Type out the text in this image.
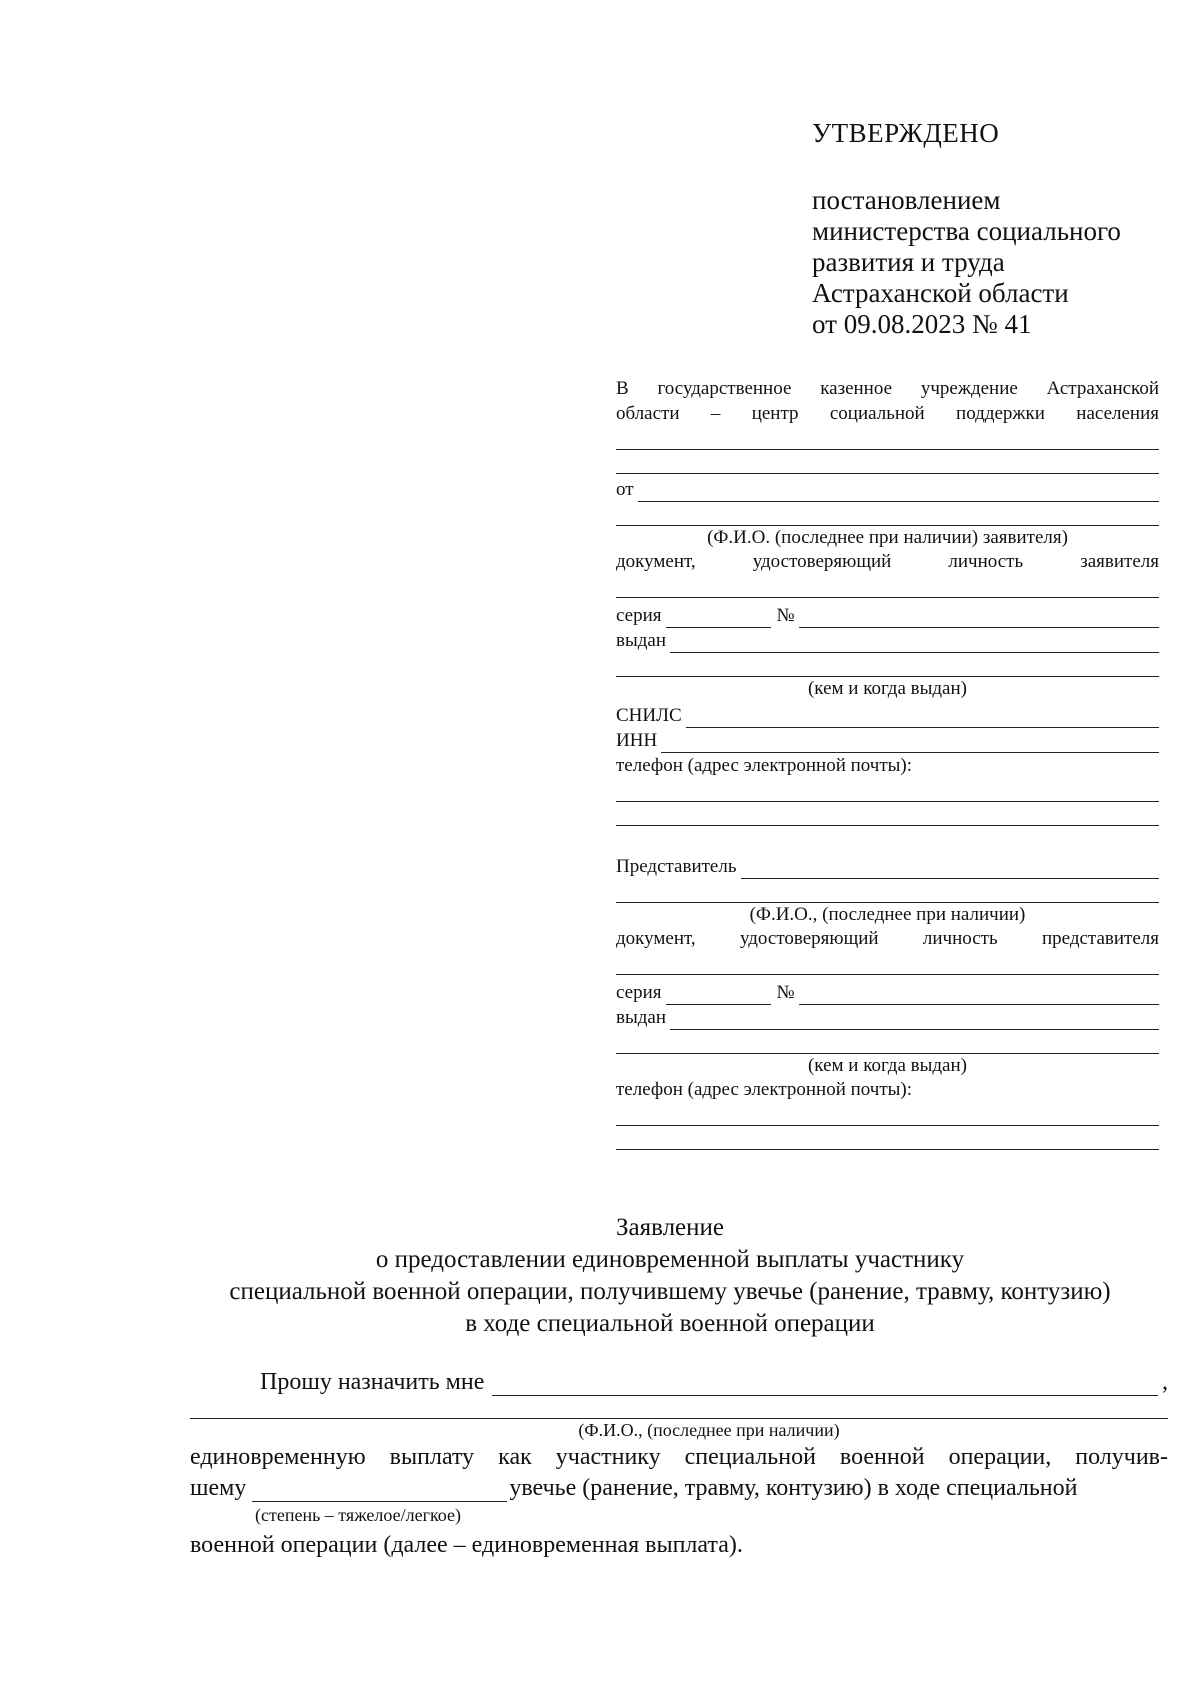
УТВЕРЖДЕНО
постановлением
министерства социального
развития и труда
Астраханской области
от 09.08.2023 № 41
В государственное казенное учреждение Астраханской
области – центр социальной поддержки населения
от
(Ф.И.О. (последнее при наличии) заявителя)
документ, удостоверяющий личность заявителя
серия	№
выдан
(кем и когда выдан)
СНИЛС
ИНН
телефон (адрес электронной почты):
Представитель
(Ф.И.О., (последнее при наличии)
документ, удостоверяющий личность представителя
серия	№
выдан
(кем и когда выдан)
телефон (адрес электронной почты):
Заявление
о предоставлении единовременной выплаты участнику
специальной военной операции, получившему увечье (ранение, травму, контузию)
в ходе специальной военной операции
Прошу назначить мне	,
(Ф.И.О., (последнее при наличии)
единовременную выплату как участнику специальной военной операции, получив-
шему	увечье (ранение, травму, контузию) в ходе специальной
(степень – тяжелое/легкое)
военной операции (далее – единовременная выплата).
